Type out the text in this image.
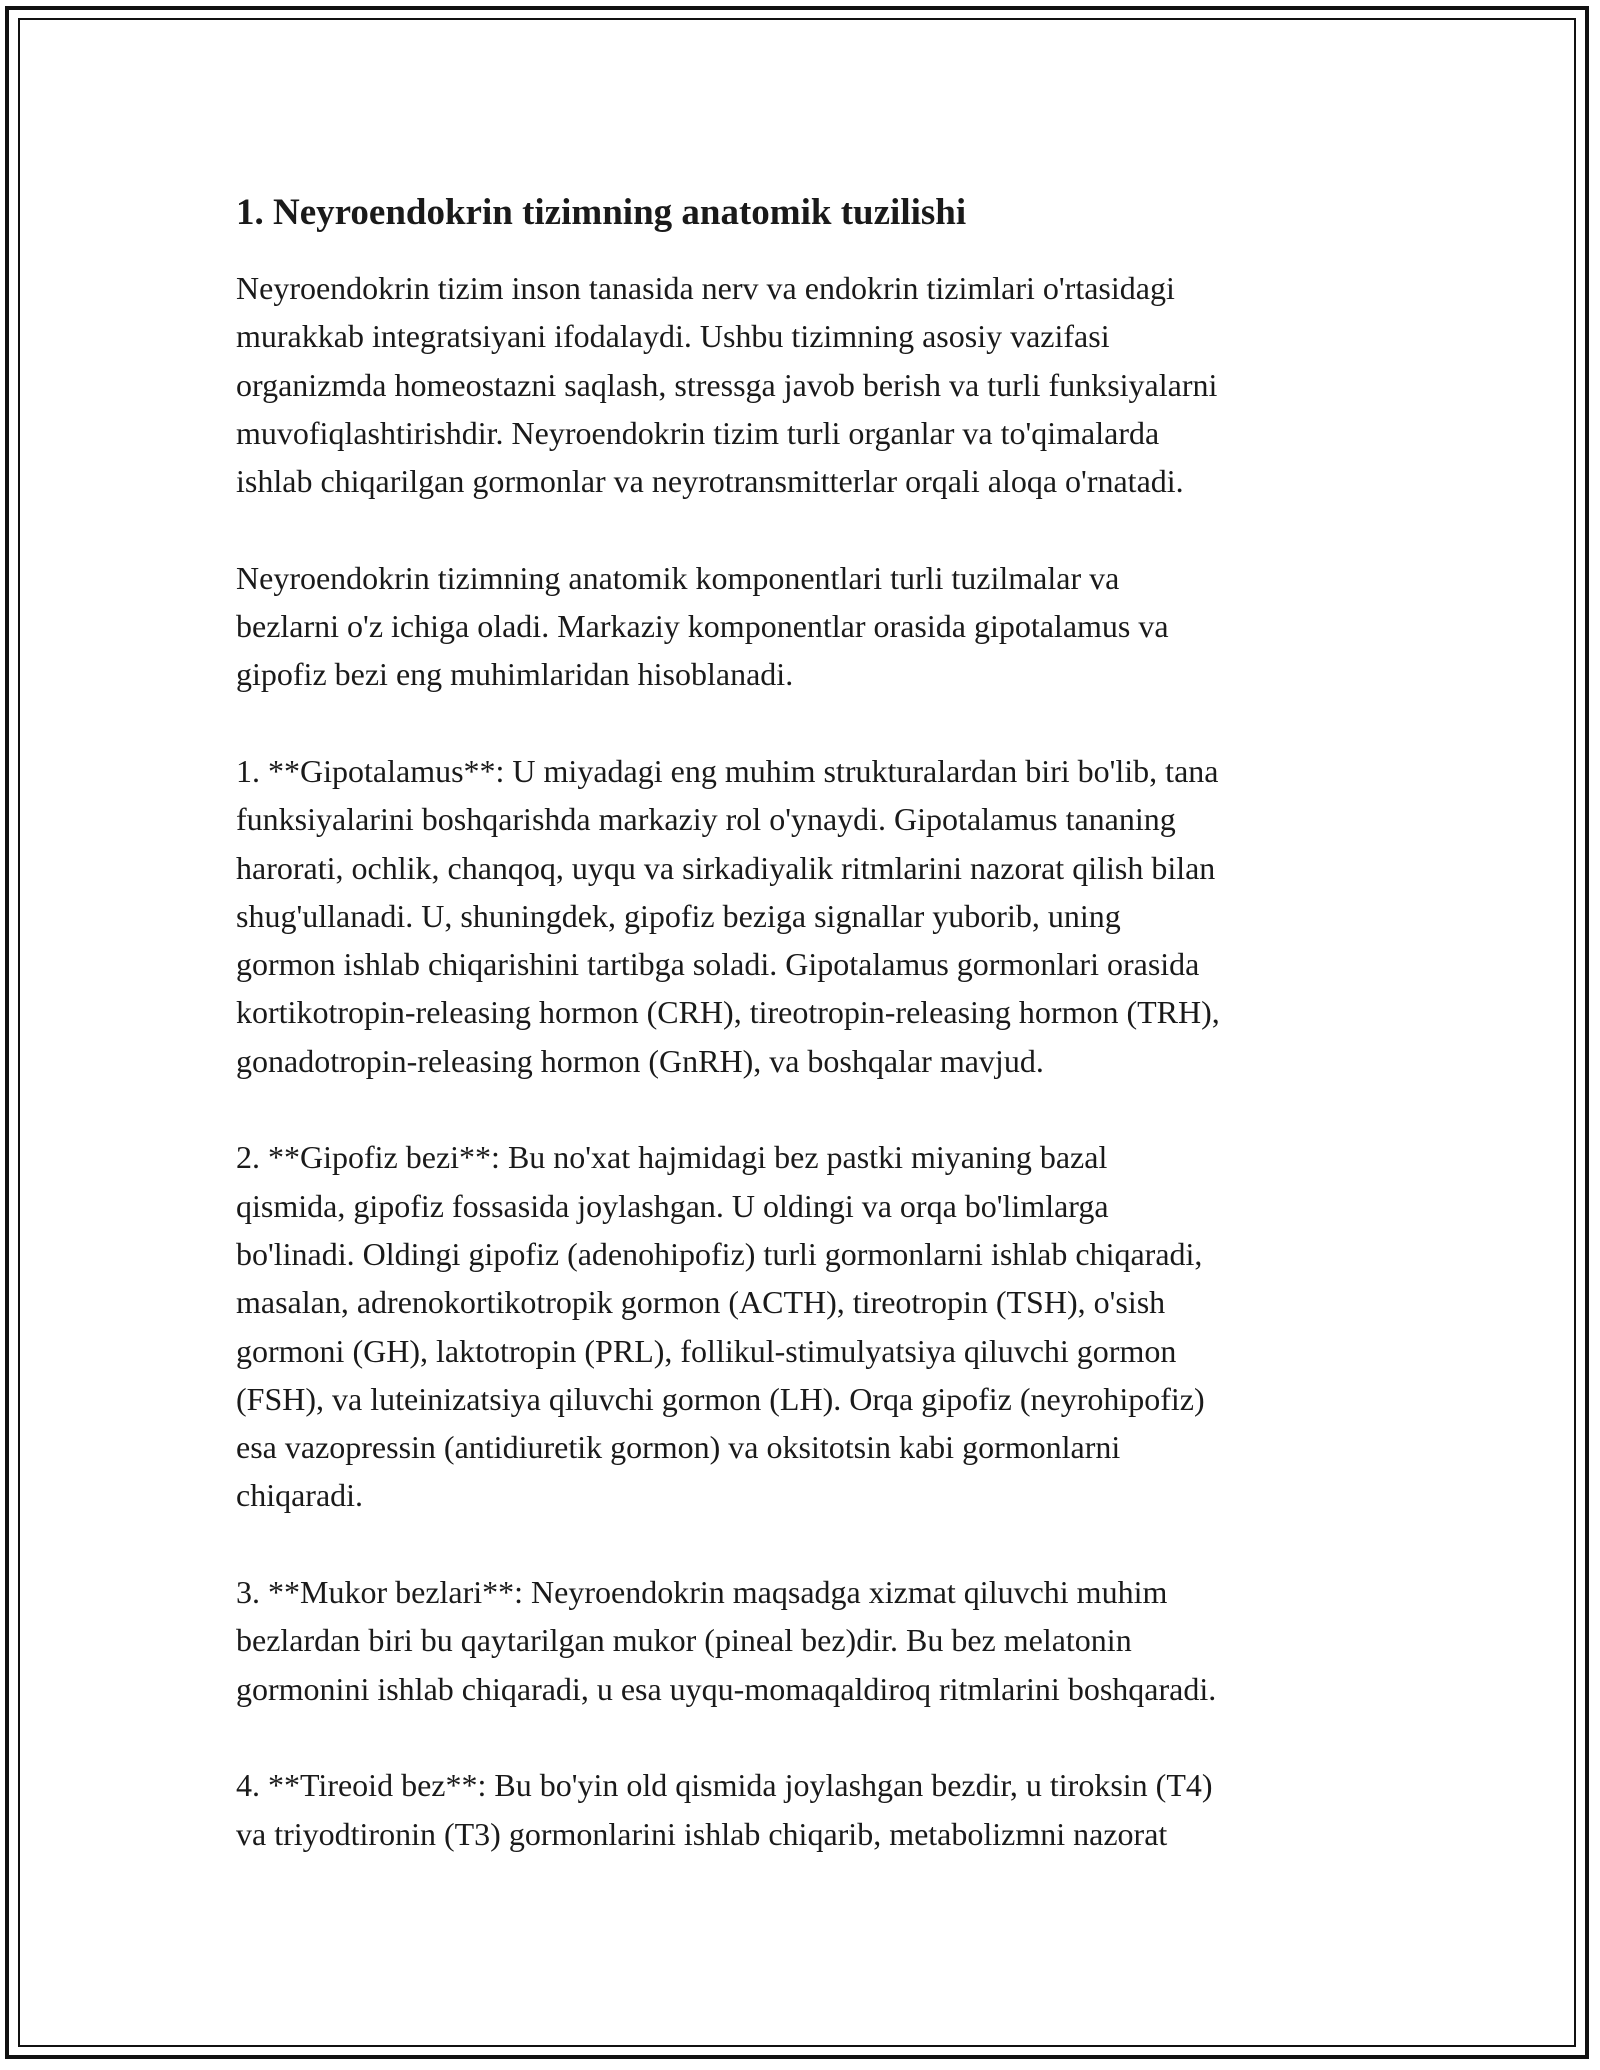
1. Neyroendokrin tizimning anatomik tuzilishi

Neyroendokrin tizim inson tanasida nerv va endokrin tizimlari o'rtasidagi
murakkab integratsiyani ifodalaydi. Ushbu tizimning asosiy vazifasi
organizmda homeostazni saqlash, stressga javob berish va turli funksiyalarni
muvofiqlashtirishdir. Neyroendokrin tizim turli organlar va to'qimalarda
ishlab chiqarilgan gormonlar va neyrotransmitterlar orqali aloqa o'rnatadi.

Neyroendokrin tizimning anatomik komponentlari turli tuzilmalar va
bezlarni o'z ichiga oladi. Markaziy komponentlar orasida gipotalamus va
gipofiz bezi eng muhimlaridan hisoblanadi.

1. **Gipotalamus**: U miyadagi eng muhim strukturalardan biri bo'lib, tana
funksiyalarini boshqarishda markaziy rol o'ynaydi. Gipotalamus tananing
harorati, ochlik, chanqoq, uyqu va sirkadiyalik ritmlarini nazorat qilish bilan
shug'ullanadi. U, shuningdek, gipofiz beziga signallar yuborib, uning
gormon ishlab chiqarishini tartibga soladi. Gipotalamus gormonlari orasida
kortikotropin-releasing hormon (CRH), tireotropin-releasing hormon (TRH),
gonadotropin-releasing hormon (GnRH), va boshqalar mavjud.

2. **Gipofiz bezi**: Bu no'xat hajmidagi bez pastki miyaning bazal
qismida, gipofiz fossasida joylashgan. U oldingi va orqa bo'limlarga
bo'linadi. Oldingi gipofiz (adenohipofiz) turli gormonlarni ishlab chiqaradi,
masalan, adrenokortikotropik gormon (ACTH), tireotropin (TSH), o'sish
gormoni (GH), laktotropin (PRL), follikul-stimulyatsiya qiluvchi gormon
(FSH), va luteinizatsiya qiluvchi gormon (LH). Orqa gipofiz (neyrohipofiz)
esa vazopressin (antidiuretik gormon) va oksitotsin kabi gormonlarni
chiqaradi.

3. **Mukor bezlari**: Neyroendokrin maqsadga xizmat qiluvchi muhim
bezlardan biri bu qaytarilgan mukor (pineal bez)dir. Bu bez melatonin
gormonini ishlab chiqaradi, u esa uyqu-momaqaldiroq ritmlarini boshqaradi.

4. **Tireoid bez**: Bu bo'yin old qismida joylashgan bezdir, u tiroksin (T4)
va triyodtironin (T3) gormonlarini ishlab chiqarib, metabolizmni nazorat
